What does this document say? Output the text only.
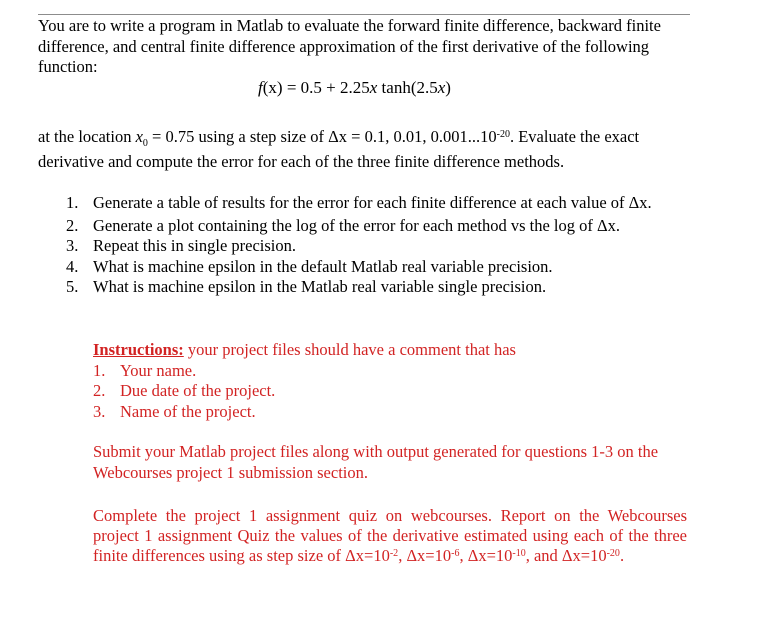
You are to write a program in Matlab to evaluate the forward finite difference, backward finite difference, and central finite difference approximation of the first derivative of the following function:

f(x) = 0.5 + 2.25x tanh(2.5x)

at the location $x_0 = 0.75$ using a step size of Δx = 0.1, 0.01, $0.001...10^{-20}$. Evaluate the exact derivative and compute the error for each of the three finite difference methods.

1. Generate a table of results for the error for each finite difference at each value of Δx.
2. Generate a plot containing the log of the error for each method vs the log of Δx.
3. Repeat this in single precision.
4. What is machine epsilon in the default Matlab real variable precision.
5. What is machine epsilon in the Matlab real variable single precision.
Instructions: your project files should have a comment that has
1. Your name.
2. Due date of the project.
3. Name of the project.

Submit your Matlab project files along with output generated for questions 1-3 on the Webcourses project 1 submission section.

Complete the project 1 assignment quiz on webcourses. Report on the Webcourses project 1 assignment Quiz the values of the derivative estimated using each of the three finite differences using as step size of $\Delta x=10^{-2}$, $\Delta x=10^{-6}$, $\Delta x=10^{-10}$, and $\Delta x=10^{-20}$.
